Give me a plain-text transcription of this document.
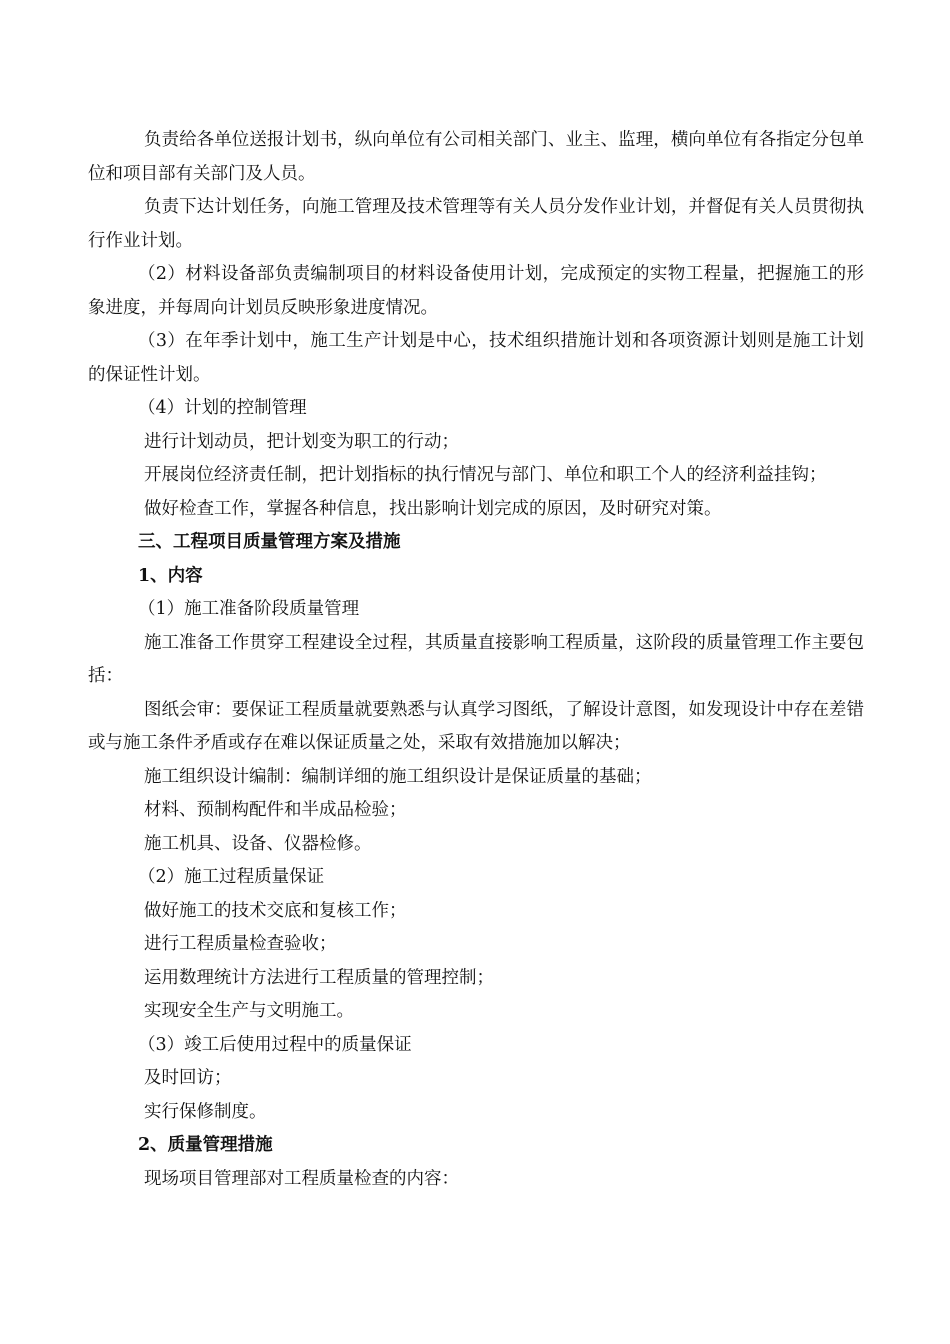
负责给各单位送报计划书，纵向单位有公司相关部门、业主、监理，横向单位有各指定分包单位和项目部有关部门及人员。

负责下达计划任务，向施工管理及技术管理等有关人员分发作业计划，并督促有关人员贯彻执行作业计划。

（2）材料设备部负责编制项目的材料设备使用计划，完成预定的实物工程量，把握施工的形象进度，并每周向计划员反映形象进度情况。

（3）在年季计划中，施工生产计划是中心，技术组织措施计划和各项资源计划则是施工计划的保证性计划。

（4）计划的控制管理

进行计划动员，把计划变为职工的行动；

开展岗位经济责任制，把计划指标的执行情况与部门、单位和职工个人的经济利益挂钩；

做好检查工作，掌握各种信息，找出影响计划完成的原因，及时研究对策。

三、工程项目质量管理方案及措施

1、内容

（1）施工准备阶段质量管理

施工准备工作贯穿工程建设全过程，其质量直接影响工程质量，这阶段的质量管理工作主要包括：

图纸会审：要保证工程质量就要熟悉与认真学习图纸，了解设计意图，如发现设计中存在差错或与施工条件矛盾或存在难以保证质量之处，采取有效措施加以解决；

施工组织设计编制：编制详细的施工组织设计是保证质量的基础；

材料、预制构配件和半成品检验；

施工机具、设备、仪器检修。

（2）施工过程质量保证

做好施工的技术交底和复核工作；

进行工程质量检查验收；

运用数理统计方法进行工程质量的管理控制；

实现安全生产与文明施工。

（3）竣工后使用过程中的质量保证

及时回访；

实行保修制度。

2、质量管理措施

现场项目管理部对工程质量检查的内容：
